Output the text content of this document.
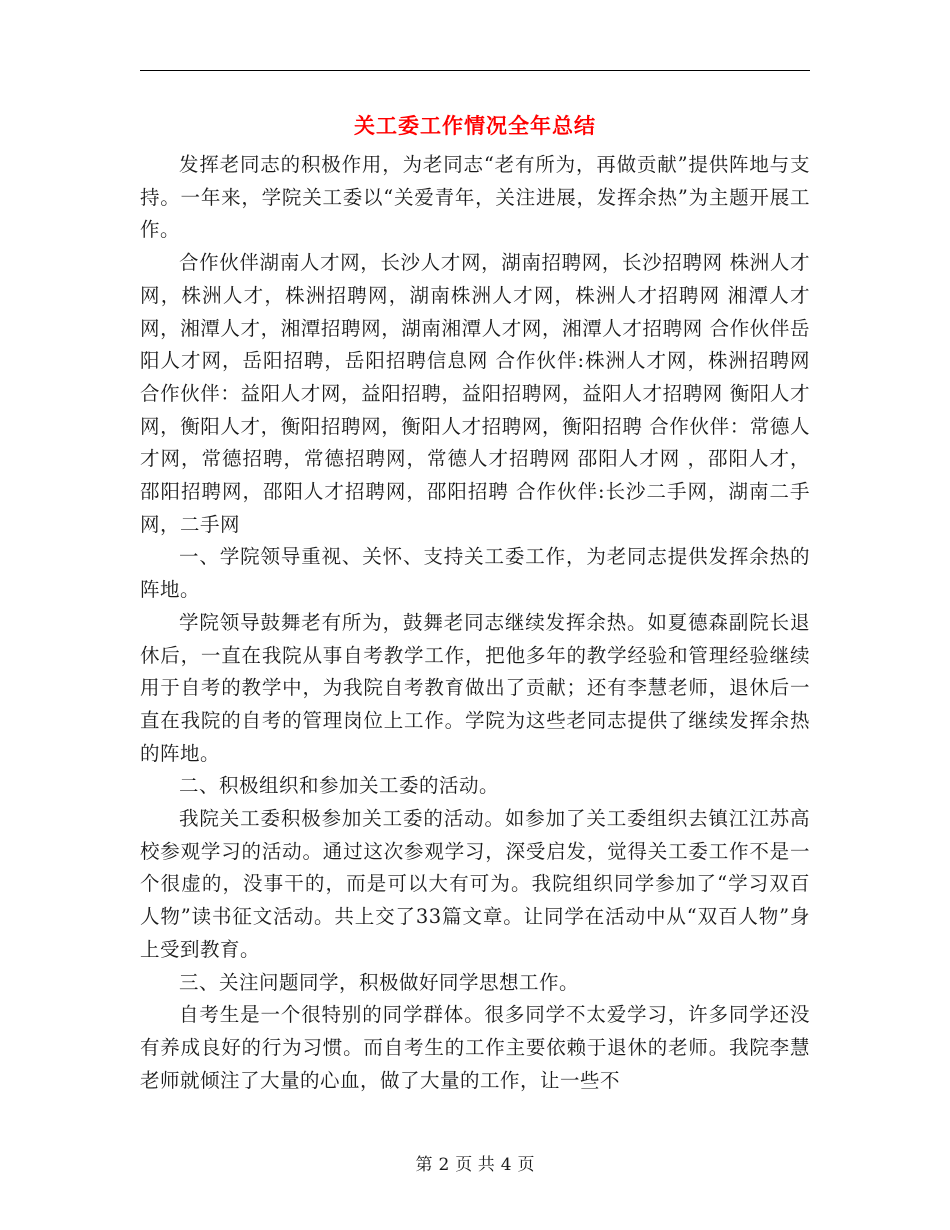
关工委工作情况全年总结

发挥老同志的积极作用，为老同志“老有所为，再做贡献”提供阵地与支持。一年来，学院关工委以“关爱青年，关注进展，发挥余热”为主题开展工作。

合作伙伴湖南人才网，长沙人才网，湖南招聘网，长沙招聘网 株洲人才网，株洲人才，株洲招聘网，湖南株洲人才网，株洲人才招聘网 湘潭人才网，湘潭人才，湘潭招聘网，湖南湘潭人才网，湘潭人才招聘网 合作伙伴岳阳人才网，岳阳招聘，岳阳招聘信息网 合作伙伴:株洲人才网，株洲招聘网 合作伙伴：益阳人才网，益阳招聘，益阳招聘网，益阳人才招聘网 衡阳人才网，衡阳人才，衡阳招聘网，衡阳人才招聘网，衡阳招聘 合作伙伴：常德人才网，常德招聘，常德招聘网，常德人才招聘网 邵阳人才网 ，邵阳人才，邵阳招聘网，邵阳人才招聘网，邵阳招聘 合作伙伴:长沙二手网，湖南二手网，二手网

一、学院领导重视、关怀、支持关工委工作，为老同志提供发挥余热的阵地。

学院领导鼓舞老有所为，鼓舞老同志继续发挥余热。如夏德森副院长退休后，一直在我院从事自考教学工作，把他多年的教学经验和管理经验继续用于自考的教学中，为我院自考教育做出了贡献；还有李慧老师，退休后一直在我院的自考的管理岗位上工作。学院为这些老同志提供了继续发挥余热的阵地。

二、积极组织和参加关工委的活动。

我院关工委积极参加关工委的活动。如参加了关工委组织去镇江江苏高校参观学习的活动。通过这次参观学习，深受启发，觉得关工委工作不是一个很虚的，没事干的，而是可以大有可为。我院组织同学参加了“学习双百人物”读书征文活动。共上交了33篇文章。让同学在活动中从“双百人物”身上受到教育。

三、关注问题同学，积极做好同学思想工作。

自考生是一个很特别的同学群体。很多同学不太爱学习，许多同学还没有养成良好的行为习惯。而自考生的工作主要依赖于退休的老师。我院李慧老师就倾注了大量的心血，做了大量的工作，让一些不

第 2 页 共 4 页
